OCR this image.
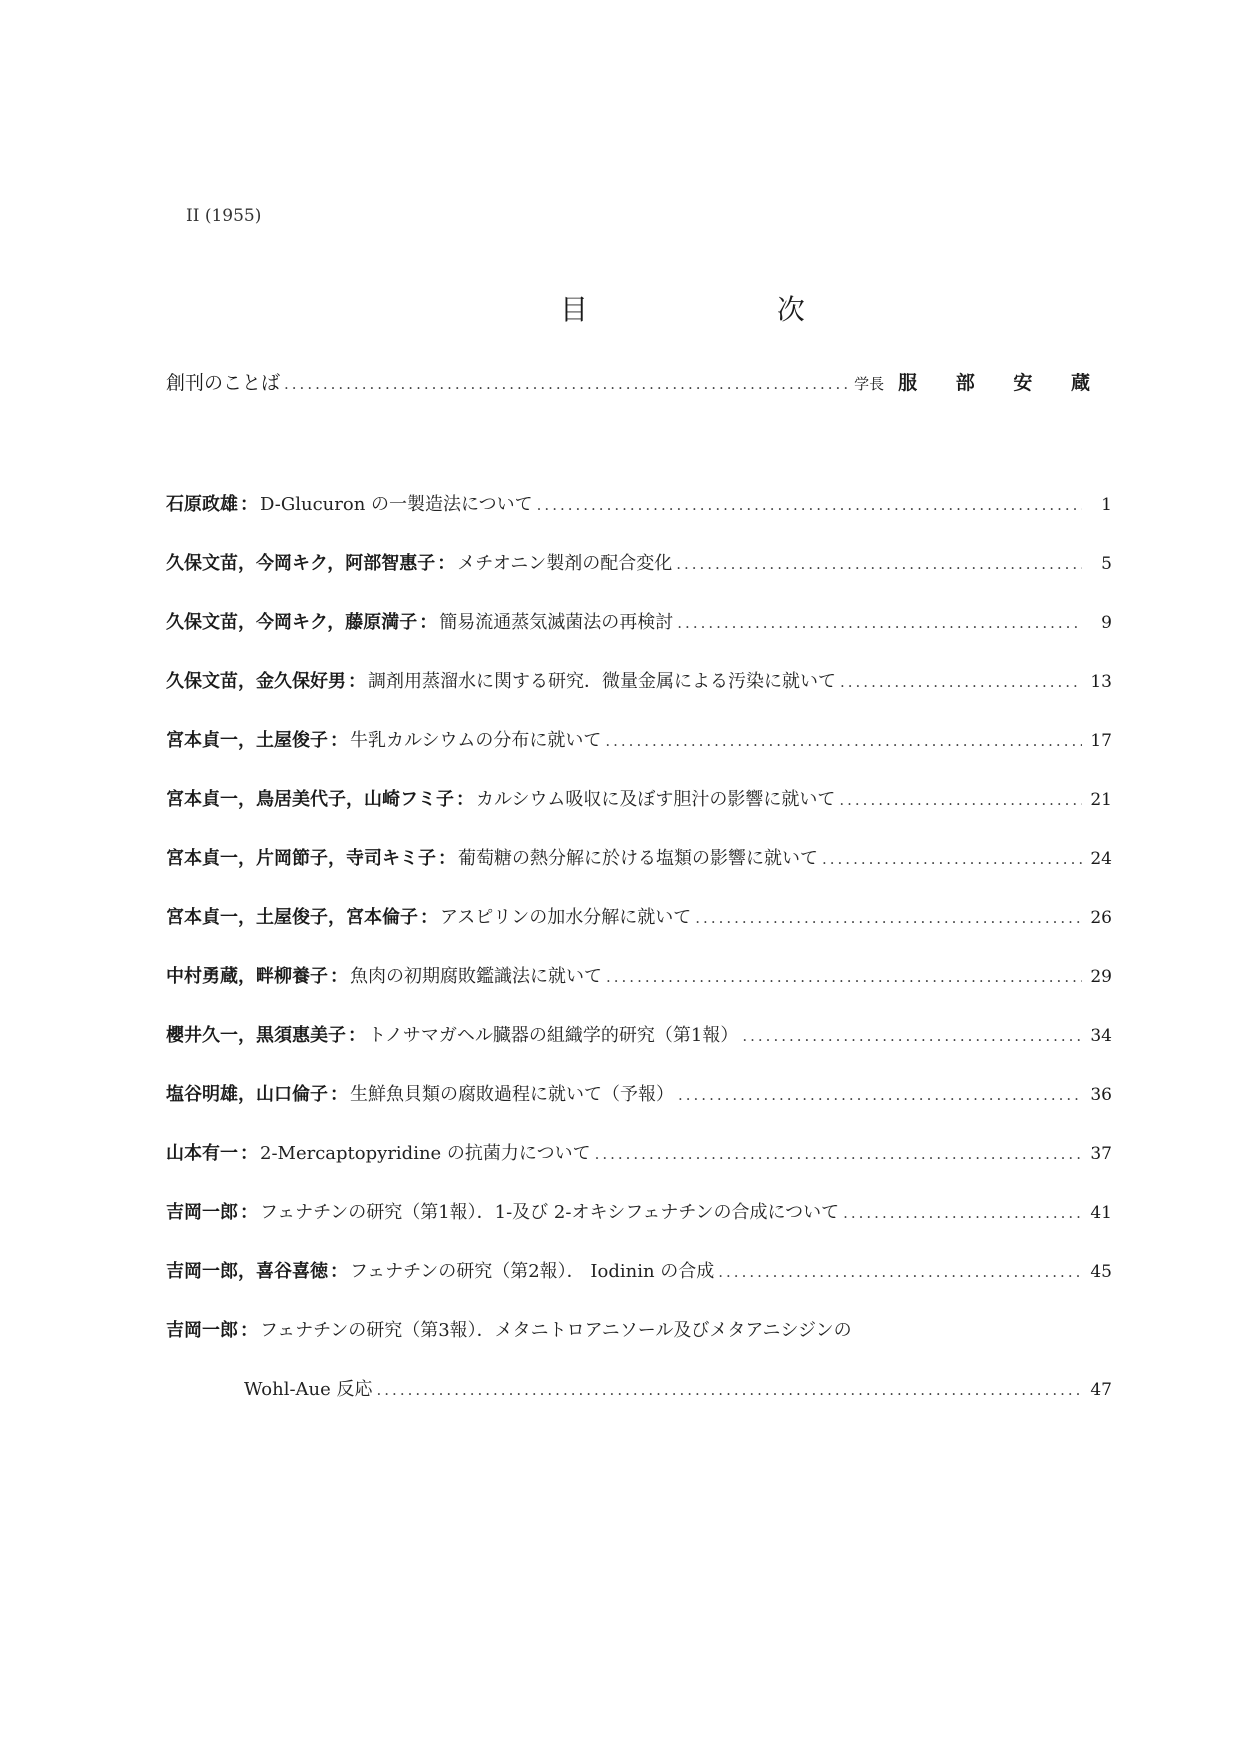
II (1955)
目 次
創刊のことば .....	学長 服 部 安 蔵
石原政雄 ： D-Glucuron の一製造法について .....	1
久保文苗，今岡キク，阿部智惠子 ： メチオニン製剤の配合変化 .....	5
久保文苗，今岡キク，藤原満子 ： 簡易流通蒸気滅菌法の再検討 .....	9
久保文苗，金久保好男 ： 調剤用蒸溜水に関する研究．微量金属による汚染に就いて .....	13
宮本貞一，土屋俊子 ： 牛乳カルシウムの分布に就いて .....	17
宮本貞一，鳥居美代子，山崎フミ子 ： カルシウム吸収に及ぼす胆汁の影響に就いて .....	21
宮本貞一，片岡節子，寺司キミ子 ： 葡萄糖の熱分解に於ける塩類の影響に就いて .....	24
宮本貞一，土屋俊子，宮本倫子 ： アスピリンの加水分解に就いて .....	26
中村勇蔵，畔柳養子 ： 魚肉の初期腐敗鑑識法に就いて .....	29
櫻井久一，黒須惠美子 ： トノサマガヘル臓器の組織学的研究（第1報） .....	34
塩谷明雄，山口倫子 ： 生鮮魚貝類の腐敗過程に就いて（予報） .....	36
山本有一 ： 2-Mercaptopyridine の抗菌力について .....	37
吉岡一郎 ： フェナチンの研究（第1報）．1-及び 2-オキシフェナチンの合成について .....	41
吉岡一郎，喜谷喜徳 ： フェナチンの研究（第2報）． Iodinin の合成 .....	45
吉岡一郎 ： フェナチンの研究（第3報）．メタニトロアニソール及びメタアニシジンの
Wohl-Aue 反応 .....	47
